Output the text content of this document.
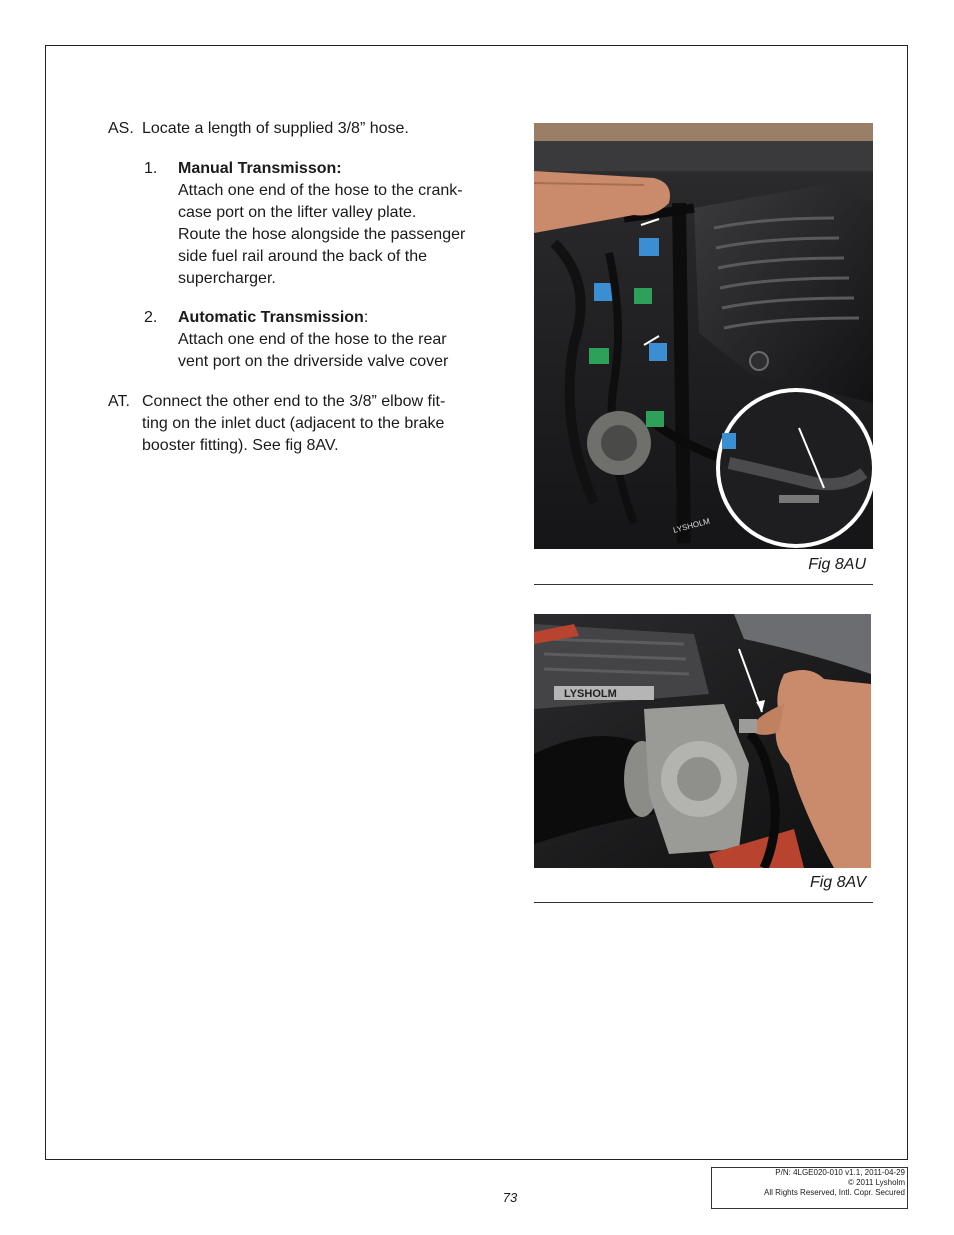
AS. Locate a length of supplied 3/8” hose.
1. Manual Transmisson:
Attach one end of the hose to the crank-
case port on the lifter valley plate.
Route the hose alongside the passenger
side fuel rail around the back of the
supercharger.
2. Automatic Transmission:
Attach one end of the hose to the rear
vent port on the driverside valve cover
AT. Connect the other end to the 3/8” elbow fit-
ting on the inlet duct (adjacent to the brake
booster fitting). See fig 8AV.
LYSHOLM
Fig 8AU
LYSHOLM
Fig 8AV
73
P/N: 4LGE020-010 v1.1, 2011-04-29
© 2011 Lysholm
All Rights Reserved, Intl. Copr. Secured
